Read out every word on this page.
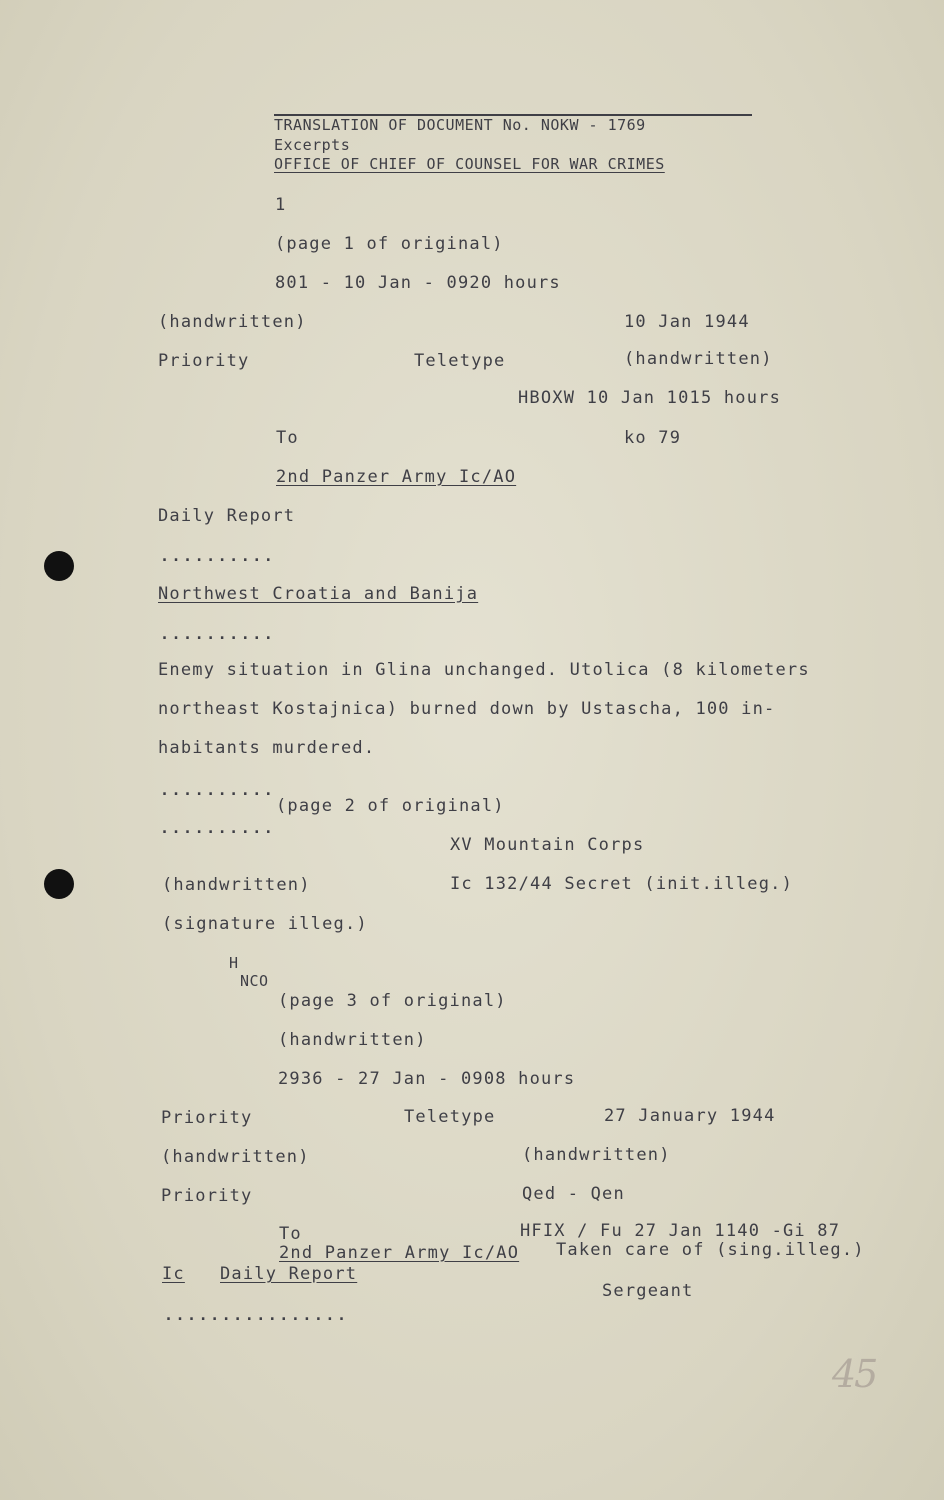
TRANSLATION OF DOCUMENT No. NOKW - 1769
Excerpts
OFFICE OF CHIEF OF COUNSEL FOR WAR CRIMES
1
(page 1 of original)
801 - 10 Jan - 0920 hours
(handwritten)	10 Jan 1944
Priority	Teletype	(handwritten)
HBOXW 10 Jan 1015 hours
To	ko 79
2nd Panzer Army Ic/AO
Daily Report
..........
Northwest Croatia and Banija
..........
Enemy situation in Glina unchanged. Utolica (8 kilometers
northeast Kostajnica) burned down by Ustascha, 100 in-
habitants murdered.
..........
(page 2 of original)
..........
XV Mountain Corps
(handwritten)	Ic 132/44 Secret (init.illeg.)
(signature illeg.)
H
NCO
(page 3 of original)
(handwritten)
2936 - 27 Jan - 0908 hours
Priority	Teletype	27 January 1944
(handwritten)	(handwritten)
Priority	Qed - Qen
To	HFIX / Fu 27 Jan 1140 -Gi 87
2nd Panzer Army Ic/AO Taken care of (sing.illeg.)
Ic Daily Report
Sergeant
................
45
